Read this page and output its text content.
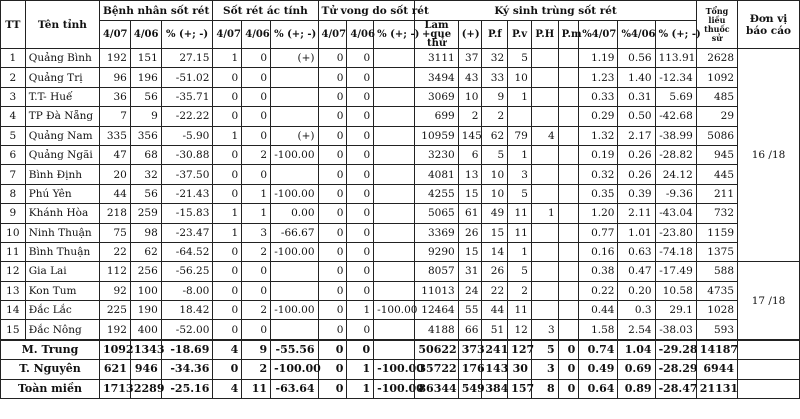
TT	Tên tỉnh	Bệnh nhân sốt rét			Sốt rét ác tính			Tử vong do sốt rét			Ký sinh trùng sốt rét									Tổng liều thuốc sử	Đơn vị báo cáo
		4/07	4/06	% (+; -)	4/07	4/06	% (+; -)	4/07	4/06	% (+; -)	Lam +que thử	(+)	P.f	P.v	P.H	P.m	%4/07	%4/06	% (+; -)		
1	Quảng Bình	192	151	27.15	1	0	(+)	0	0		3111	37	32	5			1.19	0.56	113.91	2628	16 /18
2	Quảng Trị	96	196	-51.02	0	0		0	0		3494	43	33	10			1.23	1.40	-12.34	1092	
3	T.T- Huế	36	56	-35.71	0	0		0	0		3069	10	9	1			0.33	0.31	5.69	485	
4	TP Đà Nẵng	7	9	-22.22	0	0		0	0		699	2	2				0.29	0.50	-42.68	29	
5	Quảng Nam	335	356	-5.90	1	0	(+)	0	0		10959	145	62	79	4		1.32	2.17	-38.99	5086	
6	Quảng Ngãi	47	68	-30.88	0	2	-100.00	0	0		3230	6	5	1			0.19	0.26	-28.82	945	
7	Bình Định	20	32	-37.50	0	0		0	0		4081	13	10	3			0.32	0.26	24.12	445	
8	Phú Yên	44	56	-21.43	0	1	-100.00	0	0		4255	15	10	5			0.35	0.39	-9.36	211	
9	Khánh Hòa	218	259	-15.83	1	1	0.00	0	0		5065	61	49	11	1		1.20	2.11	-43.04	732	
10	Ninh Thuận	75	98	-23.47	1	3	-66.67	0	0		3369	26	15	11			0.77	1.01	-23.80	1159	
11	Bình Thuận	22	62	-64.52	0	2	-100.00	0	0		9290	15	14	1			0.16	0.63	-74.18	1375	
12	Gia Lai	112	256	-56.25	0	0		0	0		8057	31	26	5			0.38	0.47	-17.49	588	17 /18
13	Kon Tum	92	100	-8.00	0	0		0	0		11013	24	22	2			0.22	0.20	10.58	4735	
14	Đắc Lắc	225	190	18.42	0	2	-100.00	0	1	-100.00	12464	55	44	11			0.44	0.3	29.1	1028	
15	Đắc Nông	192	400	-52.00	0	0		0	0		4188	66	51	12	3		1.58	2.54	-38.03	593	
M. Trung		1092	1343	-18.69	4	9	-55.56	0	0		50622	373	241	127	5	0	0.74	1.04	-29.28	14187	
T. Nguyên		621	946	-34.36	0	2	-100.00	0	1	-100.00	35722	176	143	30	3	0	0.49	0.69	-28.29	6944	
Toàn miền		1713	2289	-25.16	4	11	-63.64	0	1	-100.00	86344	549	384	157	8	0	0.64	0.89	-28.47	21131	
